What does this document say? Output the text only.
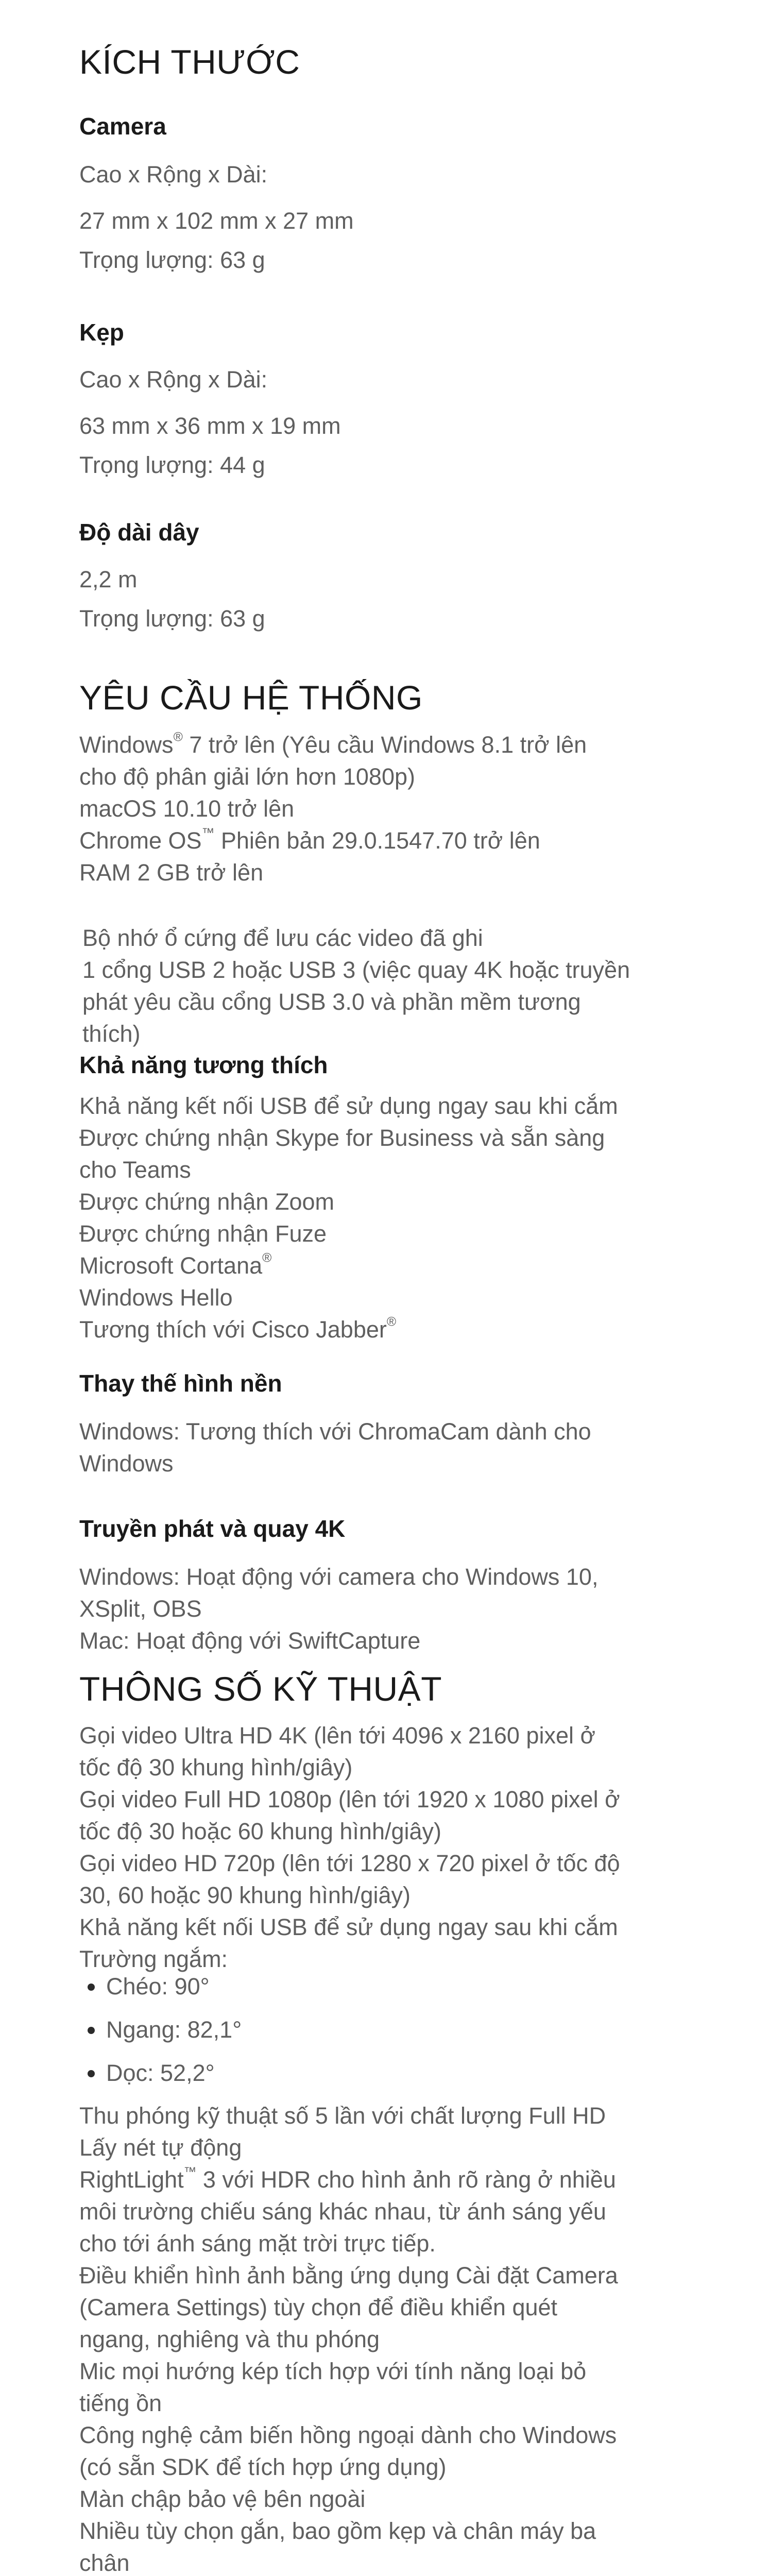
KÍCH THƯỚC
Camera
Cao x Rộng x Dài:
27 mm x 102 mm x 27 mm
Trọng lượng: 63 g
Kẹp
Cao x Rộng x Dài:
63 mm x 36 mm x 19 mm
Trọng lượng: 44 g
Độ dài dây
2,2 m
Trọng lượng: 63 g
YÊU CẦU HỆ THỐNG
Windows® 7 trở lên (Yêu cầu Windows 8.1 trở lên
cho độ phân giải lớn hơn 1080p)
macOS 10.10 trở lên
Chrome OS™ Phiên bản 29.0.1547.70 trở lên
RAM 2 GB trở lên
Bộ nhớ ổ cứng để lưu các video đã ghi
1 cổng USB 2 hoặc USB 3 (việc quay 4K hoặc truyền
phát yêu cầu cổng USB 3.0 và phần mềm tương
thích)
Khả năng tương thích
Khả năng kết nối USB để sử dụng ngay sau khi cắm
Được chứng nhận Skype for Business và sẵn sàng
cho Teams
Được chứng nhận Zoom
Được chứng nhận Fuze
Microsoft Cortana®
Windows Hello
Tương thích với Cisco Jabber®
Thay thế hình nền
Windows: Tương thích với ChromaCam dành cho
Windows
Truyền phát và quay 4K
Windows: Hoạt động với camera cho Windows 10,
XSplit, OBS
Mac: Hoạt động với SwiftCapture
THÔNG SỐ KỸ THUẬT
Gọi video Ultra HD 4K (lên tới 4096 x 2160 pixel ở
tốc độ 30 khung hình/giây)
Gọi video Full HD 1080p (lên tới 1920 x 1080 pixel ở
tốc độ 30 hoặc 60 khung hình/giây)
Gọi video HD 720p (lên tới 1280 x 720 pixel ở tốc độ
30, 60 hoặc 90 khung hình/giây)
Khả năng kết nối USB để sử dụng ngay sau khi cắm
Trường ngắm:
Chéo: 90°
Ngang: 82,1°
Dọc: 52,2°
Thu phóng kỹ thuật số 5 lần với chất lượng Full HD
Lấy nét tự động
RightLight™ 3 với HDR cho hình ảnh rõ ràng ở nhiều
môi trường chiếu sáng khác nhau, từ ánh sáng yếu
cho tới ánh sáng mặt trời trực tiếp.
Điều khiển hình ảnh bằng ứng dụng Cài đặt Camera
(Camera Settings) tùy chọn để điều khiển quét
ngang, nghiêng và thu phóng
Mic mọi hướng kép tích hợp với tính năng loại bỏ
tiếng ồn
Công nghệ cảm biến hồng ngoại dành cho Windows
(có sẵn SDK để tích hợp ứng dụng)
Màn chập bảo vệ bên ngoài
Nhiều tùy chọn gắn, bao gồm kẹp và chân máy ba
chân
